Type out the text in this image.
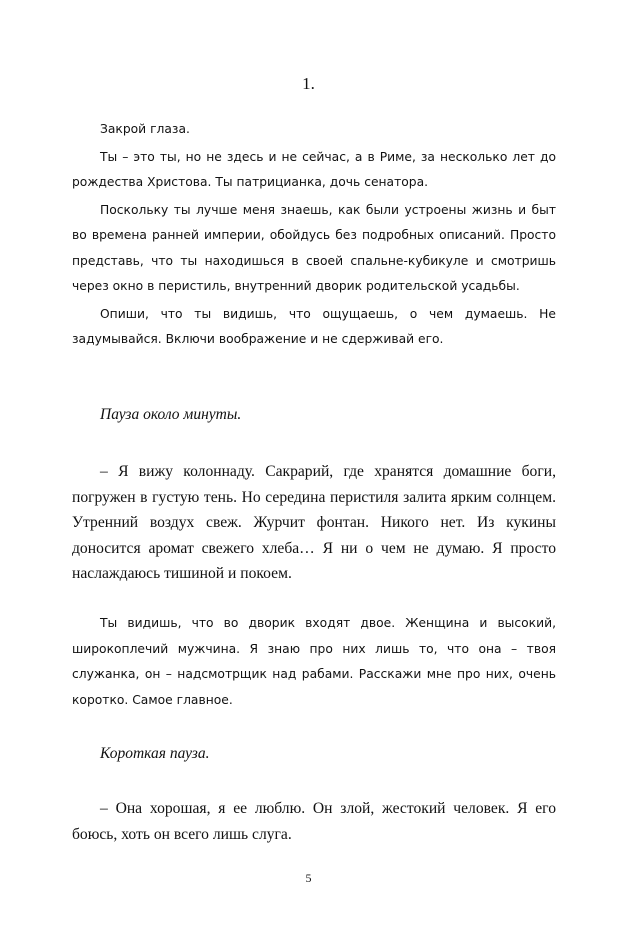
1.

Закрой глаза.

Ты – это ты, но не здесь и не сейчас, а в Риме, за несколько лет до рождества Христова. Ты патрицианка, дочь сенатора.

Поскольку ты лучше меня знаешь, как были устроены жизнь и быт во времена ранней империи, обойдусь без подробных описаний. Просто представь, что ты находишься в своей спальне-кубикуле и смотришь через окно в перистиль, внутренний дворик родительской усадьбы.

Опиши, что ты видишь, что ощущаешь, о чем думаешь. Не задумывайся. Включи воображение и не сдерживай его.

Пауза около минуты.

– Я вижу колоннаду. Сакрарий, где хранятся домашние боги, погружен в густую тень. Но середина перистиля залита ярким солнцем. Утренний воздух свеж. Журчит фонтан. Никого нет. Из кукины доносится аромат свежего хлеба… Я ни о чем не думаю. Я просто наслаждаюсь тишиной и покоем.

Ты видишь, что во дворик входят двое. Женщина и высокий, широкоплечий мужчина. Я знаю про них лишь то, что она – твоя служанка, он – надсмотрщик над рабами. Расскажи мне про них, очень коротко. Самое главное.

Короткая пауза.

– Она хорошая, я ее люблю. Он злой, жестокий человек. Я его боюсь, хоть он всего лишь слуга.

5
